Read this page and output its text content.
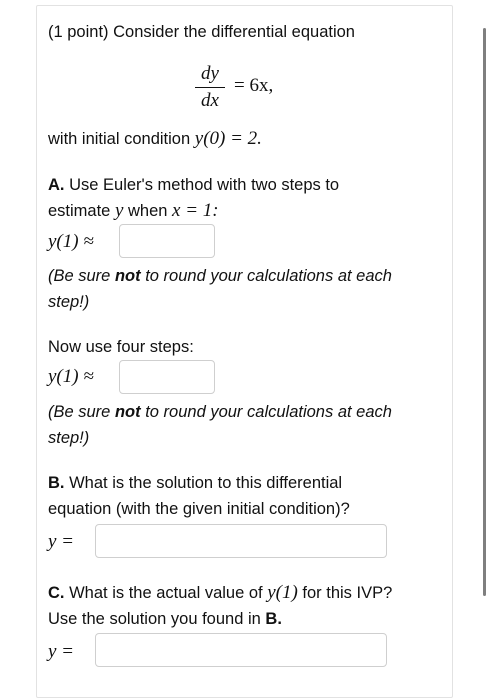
(1 point) Consider the differential equation
dy
dx
= 6x,
with initial condition y(0) = 2.
A. Use Euler's method with two steps to
estimate y when x = 1:
y(1) ≈
(Be sure not to round your calculations at each
step!)
Now use four steps:
y(1) ≈
(Be sure not to round your calculations at each
step!)
B. What is the solution to this differential
equation (with the given initial condition)?
y =
C. What is the actual value of y(1) for this IVP?
Use the solution you found in B.
y =
